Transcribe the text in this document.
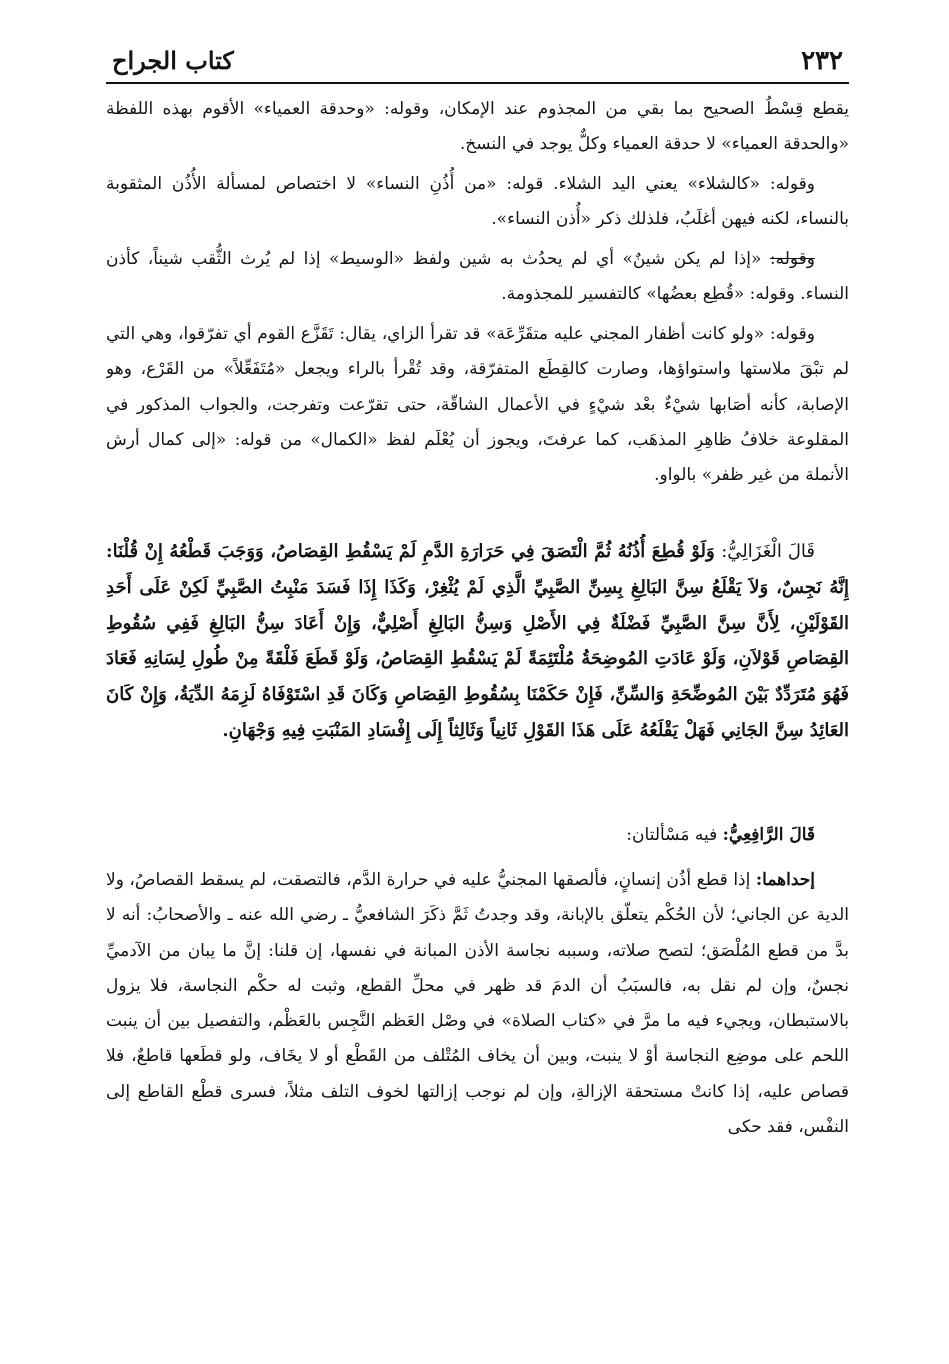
٢٣٢
كتاب الجراح

يقطع قِسْطُ الصحيح بما بقي من المجذوم عند الإمكان، وقوله: «وحدقة العمياء» الأقوم بهذه اللفظة «والحدقة العمياء» لا حدقة العمياء وكلٌّ يوجد في النسخ.

وقوله: «كالشلاء» يعني اليد الشلاء. قوله: «من أُذُنِ النساء» لا اختصاص لمسألة الأُذُن المثقوبة بالنساء، لكنه فيهن أغلَبُ، فلذلك ذكر «أُذن النساء».

وقوله: «إذا لم يكن شينٌ» أي لم يحدُث به شين ولفظ «الوسيط» إذا لم يُرث الثُّقب شيناً، كأذن النساء. وقوله: «قُطِع بعضُها» كالتفسير للمجذومة.

وقوله: «ولو كانت أظفار المجني عليه متقَرِّعَة» قد تقرأ الزاي، يقال: تَقَزَّع القوم أي تفرّقوا، وهي التي لم تبْقَ ملاستها واستواؤها، وصارت كالقِطَع المتفرّقة، وقد تُقْرأ بالراء ويجعل «مُتَفَعِّلاً» من القَرْع، وهو الإصابة، كأنه أصَابها شيْءٌ بعْد شيْءٍ في الأعمال الشاقّة، حتى تقرّعت وتفرجت، والجواب المذكور في المقلوعة خلافُ ظاهِرِ المذهَب، كما عرفتَ، ويجوز أن يُعْلَم لفظ «الكمال» من قوله: «إلى كمال أرش الأنملة من غير ظفر» بالواو.

قَالَ الْغَزَالِيُّ: وَلَوْ قُطِعَ أُذُنُهُ ثُمَّ الْتَصَقَ فِي حَرَارَةِ الدَّمِ لَمْ يَسْقُطِ القِصَاصُ، وَوَجَبَ قَطْعُهُ إِنْ قُلْنَا: إِنَّهُ نَجِسٌ، وَلاَ يَقْلَعُ سِنَّ البَالِغِ بِسِنِّ الصَّبِيِّ الَّذِي لَمْ يُثْغِرْ، وَكَذَا إِذَا فَسَدَ مَنْبِتُ الصَّبِيِّ لَكِنْ عَلَى أَحَدِ القَوْلَيْنِ، لِأَنَّ سِنَّ الصَّبِيِّ فَضْلَةٌ فِي الأَصْلِ وَسِنُّ البَالِغِ أَصْلِيٌّ، وَإِنْ أَعَادَ سِنُّ البَالِغِ فَفِي سُقُوطِ القِصَاصِ قَوْلاَنِ، وَلَوْ عَادَتِ المُوضِحَةُ مُلْتَئِمَةً لَمْ يَسْقُطِ القِصَاصُ، وَلَوْ قَطَعَ فَلْقَةً مِنْ طُولِ لِسَانِهِ فَعَادَ فَهُوَ مُتَرَدِّدٌ بَيْنَ المُوضِّحَةِ وَالسِّنِّ، فَإِنْ حَكَمْنَا بِسُقُوطِ القِصَاصِ وَكَانَ قَدِ اسْتَوْفَاهُ لَزِمَهُ الدِّيَةُ، وَإِنْ كَانَ العَائِدُ سِنَّ الجَانِي فَهَلْ يَقْلَعُهُ عَلَى هَذَا القَوْلِ ثَانِياً وَثَالِثاً إِلَى إِفْسَادِ المَنْبَتِ فِيهِ وَجْهَانِ.

قَالَ الرَّافِعِيُّ: فيه مَسْألتان:

إحداهما: إذا قطع أذُن إنسانٍ، فألصقها المجنيُّ عليه في حرارة الدَّم، فالتصقت، لم يسقط القصاصُ، ولا الدية عن الجاني؛ لأن الحُكْم يتعلّق بالإبانة، وقد وجدتُ ثَمَّ ذكَرَ الشافعيُّ ـ رضي الله عنه ـ والأصحابُ: أنه لا بدَّ من قطع المُلْصَق؛ لتصح صلاته، وسببه نجاسة الأذن المبانة في نفسها، إن قلنا: إنَّ ما يبان من الآدميِّ نجسٌ، وإن لم نقل به، فالسبَبُ أن الدمَ قد ظهر في محلِّ القطع، وثبت له حكْم النجاسة، فلا يزول بالاستبطان، ويجيء فيه ما مرَّ في «كتاب الصلاة» في وصْل العَظم النَّجِس بالعَظْم، والتفصيل بين أن ينبت اللحم على موضِع النجاسة أوْ لا ينبت، وبين أن يخاف المُتْلف من القَطْع أو لا يخَاف، ولو قطَعها قاطعٌ، فلا قصاص عليه، إذا كانتْ مستحقة الإزالةِ، وإن لم نوجب إزالتها لخوف التلف مثلاً، فسرى قطْع القاطع إلى النفْس، فقد حكى
